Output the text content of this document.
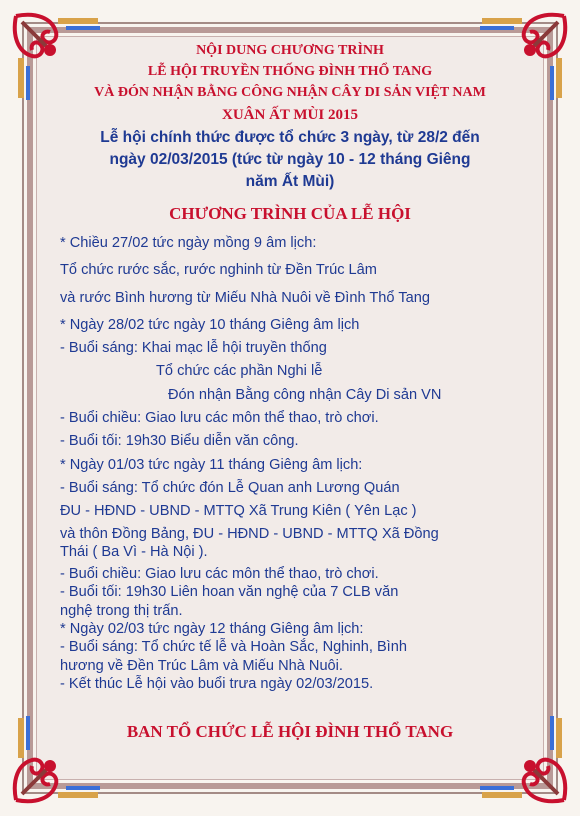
NỘI DUNG CHƯƠNG TRÌNH
LỄ HỘI TRUYỀN THỐNG ĐÌNH THỔ TANG
VÀ ĐÓN NHẬN BẰNG CÔNG NHẬN CÂY DI SẢN VIỆT NAM
XUÂN ẤT MÙI 2015
Lễ hội chính thức được tổ chức 3 ngày, từ 28/2 đến
ngày 02/03/2015 (tức từ ngày 10 - 12 tháng Giêng
năm Ất Mùi)
CHƯƠNG TRÌNH CỦA LỄ HỘI
* Chiều 27/02 tức ngày mồng 9 âm lịch:
Tổ chức rước sắc, rước nghinh từ Đền Trúc Lâm
và rước Bình hương từ Miếu Nhà Nuôi về Đình Thổ Tang
* Ngày 28/02 tức ngày 10 tháng Giêng âm lịch
- Buổi sáng: Khai mạc lễ hội truyền thống
Tổ chức các phần Nghi lễ
Đón nhận Bằng công nhận Cây Di sản VN
- Buổi chiều: Giao lưu các môn thể thao, trò chơi.
- Buổi tối: 19h30 Biểu diễn văn công.
* Ngày 01/03 tức ngày 11 tháng Giêng âm lịch:
- Buổi sáng: Tổ chức đón Lễ Quan anh Lương Quán
ĐU - HĐND - UBND - MTTQ Xã Trung Kiên ( Yên Lạc )
và thôn Đồng Bảng, ĐU - HĐND - UBND - MTTQ Xã Đồng
Thái ( Ba Vì - Hà Nội ).
- Buổi chiều: Giao lưu các môn thể thao, trò chơi.
- Buổi tối: 19h30 Liên hoan văn nghệ của 7 CLB văn
nghệ trong thị trấn.
* Ngày 02/03 tức ngày 12 tháng Giêng âm lịch:
- Buổi sáng: Tổ chức tế lễ và Hoàn Sắc, Nghinh, Bình
hương về Đền Trúc Lâm và Miếu Nhà Nuôi.
- Kết thúc Lễ hội vào buổi trưa ngày 02/03/2015.
BAN TỔ CHỨC LỄ HỘI ĐÌNH THỔ TANG
